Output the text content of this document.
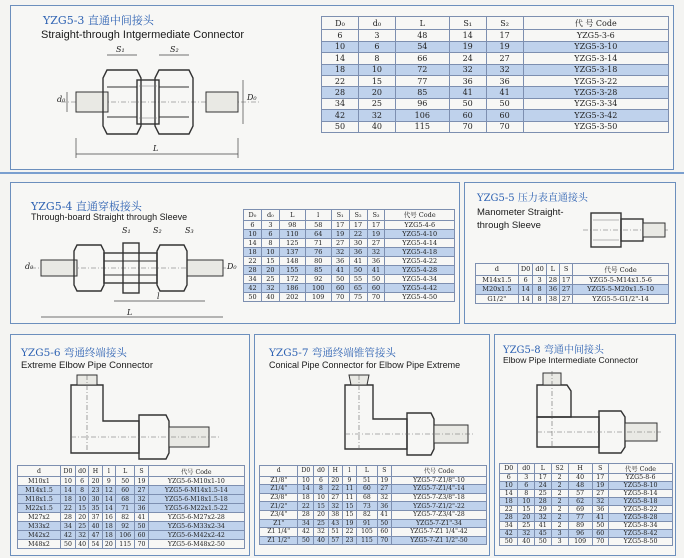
YZG5-3 直通中间接头
Straight-through Intgermediate Connector
S₁	S₂
d₀	D₀
L
D₀	d₀	L	S₁	S₂	代 号 Code
6	3	48	14	17	YZG5-3-6
10	6	54	19	19	YZG5-3-10
14	8	66	24	27	YZG5-3-14
18	10	72	32	32	YZG5-3-18
22	15	77	36	36	YZG5-3-22
28	20	85	41	41	YZG5-3-28
34	25	96	50	50	YZG5-3-34
42	32	106	60	60	YZG5-3-42
50	40	115	70	70	YZG5-3-50
YZG5-4 直通穿板接头
Through-board Straight through Sleeve
S₁	S₂	S₃
d₀	D₀
l
L
D₀	d₀	L	l	S₁	S₂	S₃	代号 Code
6	3	98	58	17	17	17	YZG5-4-6
10	6	110	64	19	22	19	YZG5-4-10
14	8	125	71	27	30	27	YZG5-4-14
18	10	137	76	32	36	32	YZG5-4-18
22	15	148	80	36	41	36	YZG5-4-22
28	20	155	85	41	50	41	YZG5-4-28
34	25	172	92	50	55	50	YZG5-4-34
42	32	186	100	60	65	60	YZG5-4-42
50	40	202	109	70	75	70	YZG5-4-50
YZG5-5 压力表直通接头
Manometer Straight-
through Sleeve
d	D0	d0	L	S	代号 Code
M14x1.5	6	3	28	17	YZG5-5-M14x1.5-6
M20x1.5	14	8	36	27	YZG5-5-M20x1.5-10
G1/2"	14	8	38	27	YZG5-5-G1/2"-14
YZG5-6 弯通终端接头
Extreme Elbow Pipe Connector
d	D0	d0	H	l	L	S	代号 Code
M10x1	10	6	20	9	50	19	YZG5-6-M10x1-10
M14x1.5	14	8	23	12	60	27	YZG5-6-M14x1.5-14
M18x1.5	18	10	30	14	68	32	YZG5-6-M18x1.5-18
M22x1.5	22	15	35	14	71	36	YZG5-6-M22x1.5-22
M27x2	28	20	37	16	82	41	YZG5-6-M27x2-28
M33x2	34	25	40	18	92	50	YZG5-6-M33x2-34
M42x2	42	32	47	18	106	60	YZG5-6-M42x2-42
M48x2	50	40	54	20	115	70	YZG5-6-M48x2-50
YZG5-7 弯通终端锥管接头
Conical Pipe Connector for Elbow Pipe Extreme
d	D0	d0	H	l	L	S	代号 Code
Z1/8"	10	6	20	9	51	19	YZG5-7-Z1/8"-10
Z1/4"	14	8	22	11	60	27	YZG5-7-Z1/4"-14
Z3/8"	18	10	27	11	68	32	YZG5-7-Z3/8"-18
Z1/2"	22	15	32	15	73	36	YZG5-7-Z1/2"-22
Z3/4"	28	20	38	15	82	41	YZG5-7-Z3/4"-28
Z1"	34	25	43	19	91	50	YZG5-7-Z1"-34
Z1 1/4"	42	32	51	22	105	60	YZG5-7-Z1 1/4"-42
Z1 1/2"	50	40	57	23	115	70	YZG5-7-Z1 1/2"-50
YZG5-8 弯通中间接头
Elbow Pipe Intermediate Connector
D0	d0	L	S2	H	S	代号 Code
6	3	17	2	40	17	YZG5-8-6
10	6	24	2	48	19	YZG5-8-10
14	8	25	2	57	27	YZG5-8-14
18	10	28	2	62	32	YZG5-8-18
22	15	29	2	69	36	YZG5-8-22
28	20	32	2	77	41	YZG5-8-28
34	25	41	2	89	50	YZG5-8-34
42	32	45	3	96	60	YZG5-8-42
50	40	50	3	109	70	YZG5-8-50
